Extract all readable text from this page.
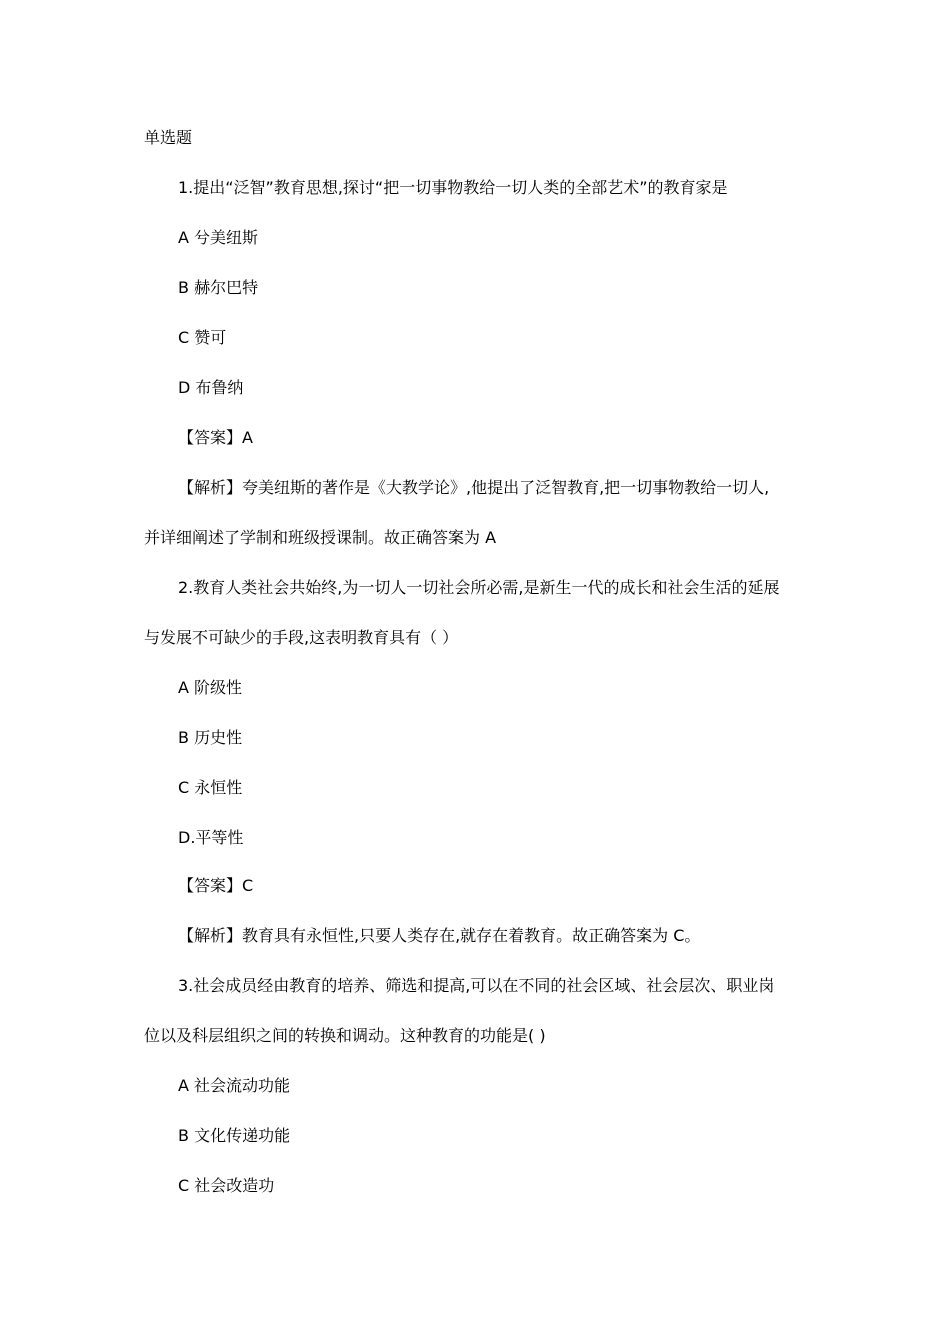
单选题
1.提出“泛智”教育思想,探讨“把一切事物教给一切人类的全部艺术”的教育家是
A 兮美纽斯
B 赫尔巴特
C 赞可
D 布鲁纳
【答案】A
【解析】夸美纽斯的著作是《大教学论》,他提出了泛智教育,把一切事物教给一切人,
并详细阐述了学制和班级授课制。故正确答案为 A
2.教育人类社会共始终,为一切人一切社会所必需,是新生一代的成长和社会生活的延展
与发展不可缺少的手段,这表明教育具有（ ）
A 阶级性
B 历史性
C 永恒性
D.平等性
【答案】C
【解析】教育具有永恒性,只要人类存在,就存在着教育。故正确答案为 C。
3.社会成员经由教育的培养、筛选和提高,可以在不同的社会区域、社会层次、职业岗
位以及科层组织之间的转换和调动。这种教育的功能是( )
A 社会流动功能
B 文化传递功能
C 社会改造功
